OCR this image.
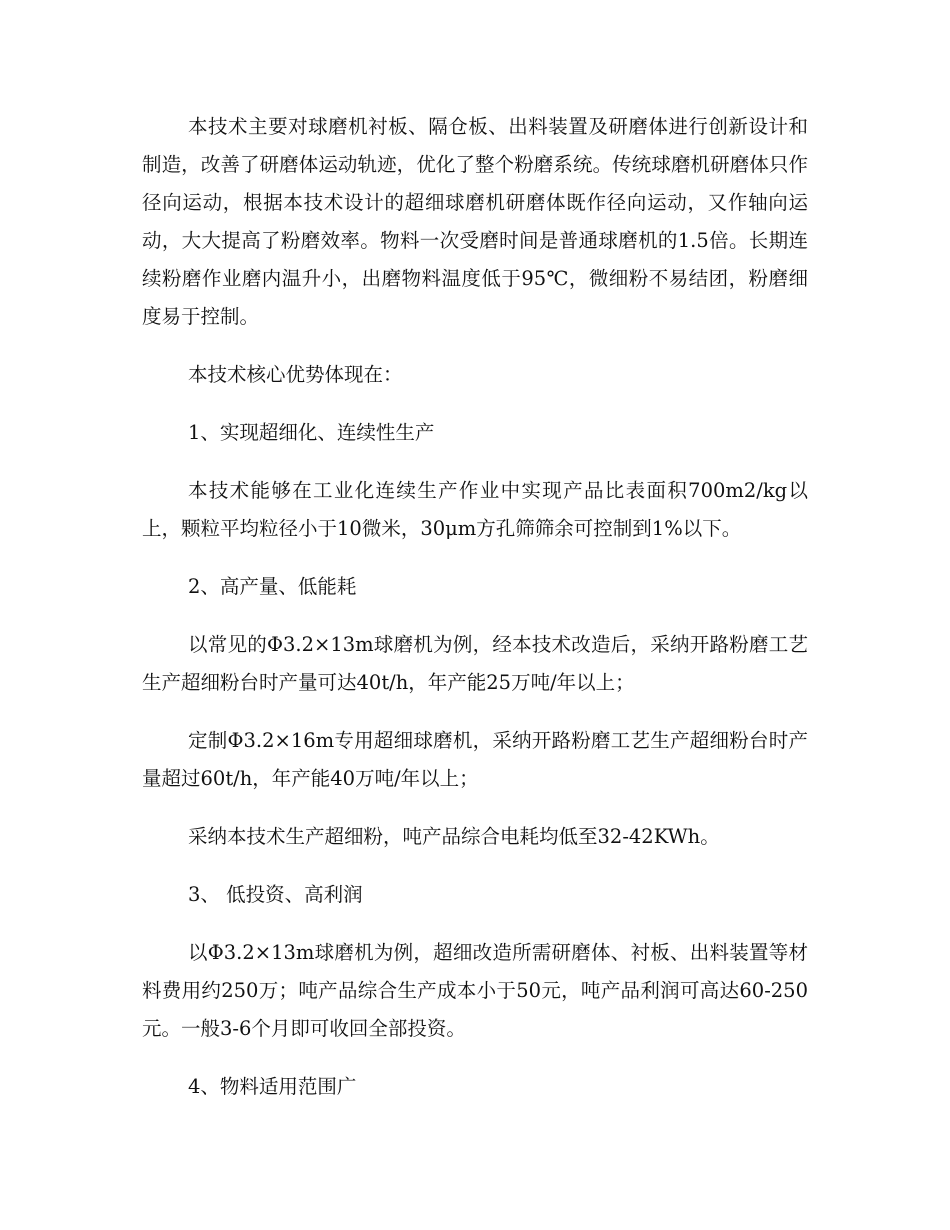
本技术主要对球磨机衬板、隔仓板、出料装置及研磨体进行创新设计和制造，改善了研磨体运动轨迹，优化了整个粉磨系统。传统球磨机研磨体只作径向运动，根据本技术设计的超细球磨机研磨体既作径向运动，又作轴向运动，大大提高了粉磨效率。物料一次受磨时间是普通球磨机的1.5倍。长期连续粉磨作业磨内温升小，出磨物料温度低于95℃，微细粉不易结团，粉磨细度易于控制。

本技术核心优势体现在：

1、实现超细化、连续性生产

本技术能够在工业化连续生产作业中实现产品比表面积700m2/kg以上，颗粒平均粒径小于10微米，30μm方孔筛筛余可控制到1%以下。

2、高产量、低能耗

以常见的Φ3.2×13m球磨机为例，经本技术改造后，采纳开路粉磨工艺生产超细粉台时产量可达40t/h，年产能25万吨/年以上；

定制Φ3.2×16m专用超细球磨机，采纳开路粉磨工艺生产超细粉台时产量超过60t/h，年产能40万吨/年以上；

采纳本技术生产超细粉，吨产品综合电耗均低至32-42KWh。

3、 低投资、高利润

以Φ3.2×13m球磨机为例，超细改造所需研磨体、衬板、出料装置等材料费用约250万；吨产品综合生产成本小于50元，吨产品利润可高达60-250元。一般3-6个月即可收回全部投资。

4、物料适用范围广
